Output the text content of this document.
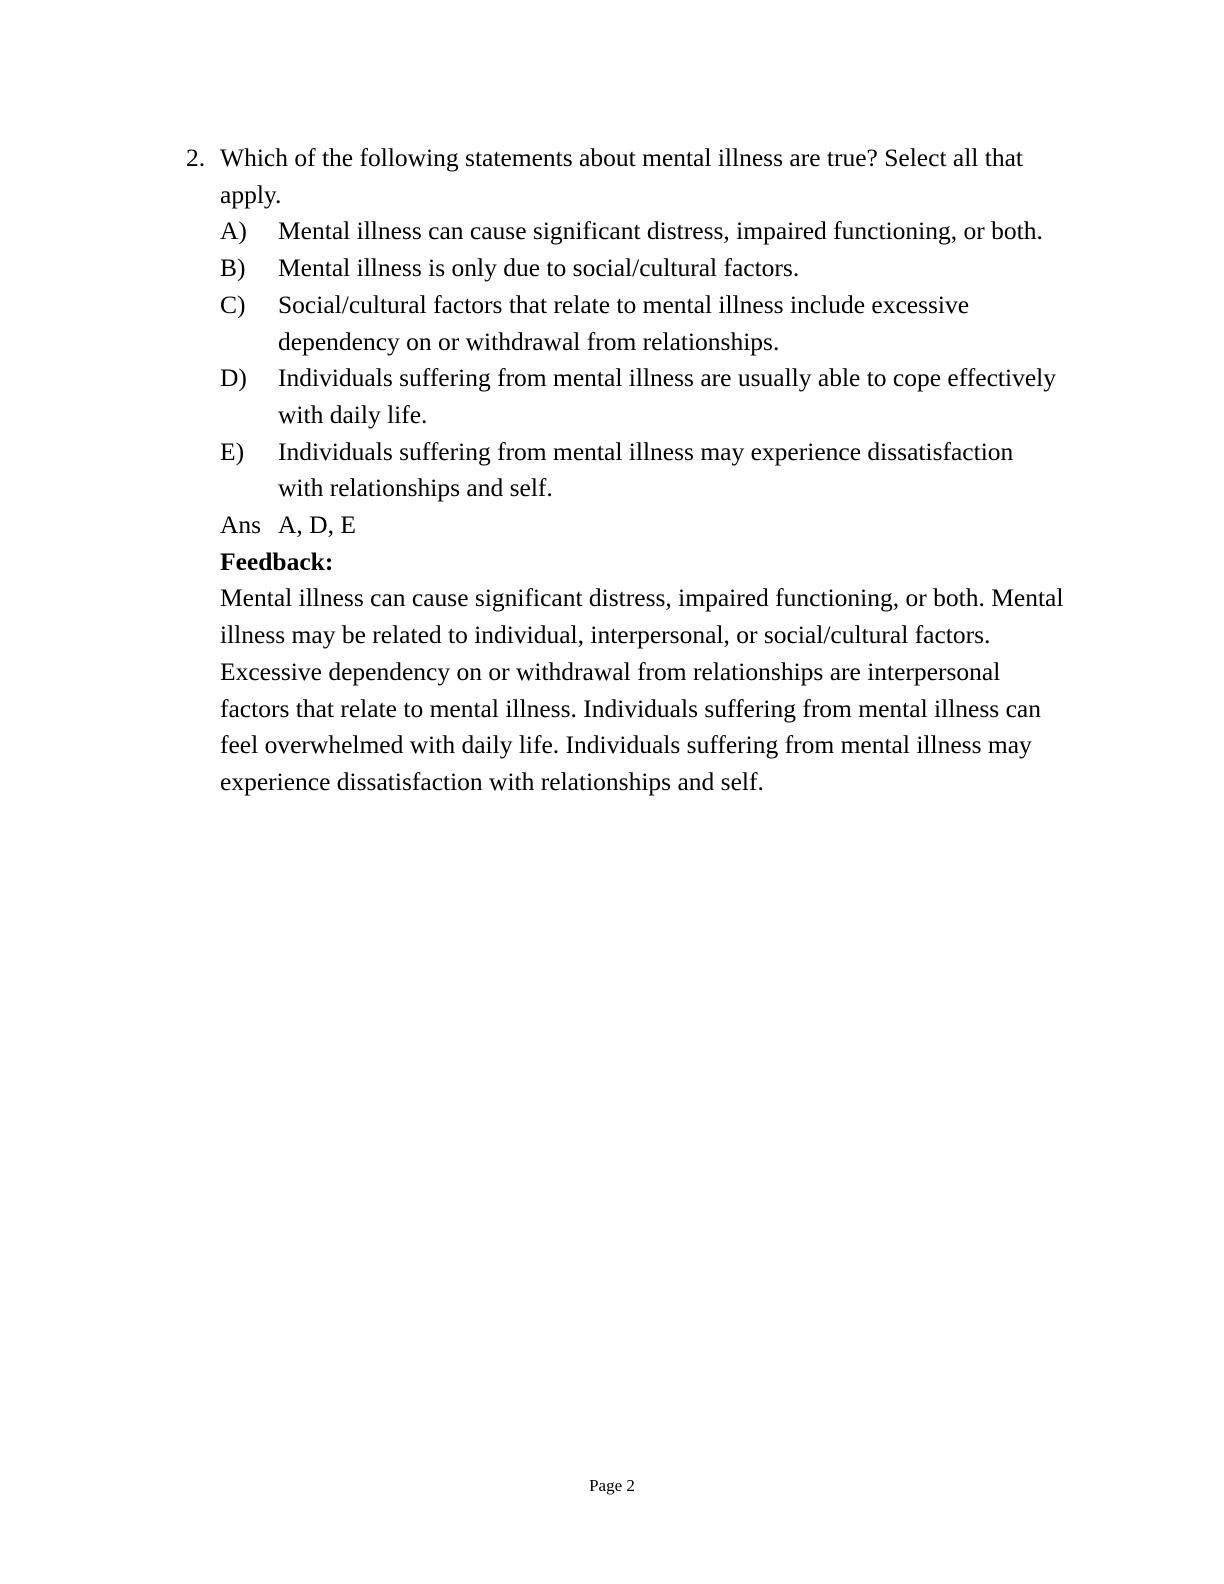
2. Which of the following statements about mental illness are true? Select all that apply.
A)	Mental illness can cause significant distress, impaired functioning, or both.
B)	Mental illness is only due to social/cultural factors.
C)	Social/cultural factors that relate to mental illness include excessive dependency on or withdrawal from relationships.
D)	Individuals suffering from mental illness are usually able to cope effectively with daily life.
E)	Individuals suffering from mental illness may experience dissatisfaction with relationships and self.
Ans A, D, E
Feedback:
Mental illness can cause significant distress, impaired functioning, or both. Mental illness may be related to individual, interpersonal, or social/cultural factors. Excessive dependency on or withdrawal from relationships are interpersonal factors that relate to mental illness. Individuals suffering from mental illness can feel overwhelmed with daily life. Individuals suffering from mental illness may experience dissatisfaction with relationships and self.
Page 2
